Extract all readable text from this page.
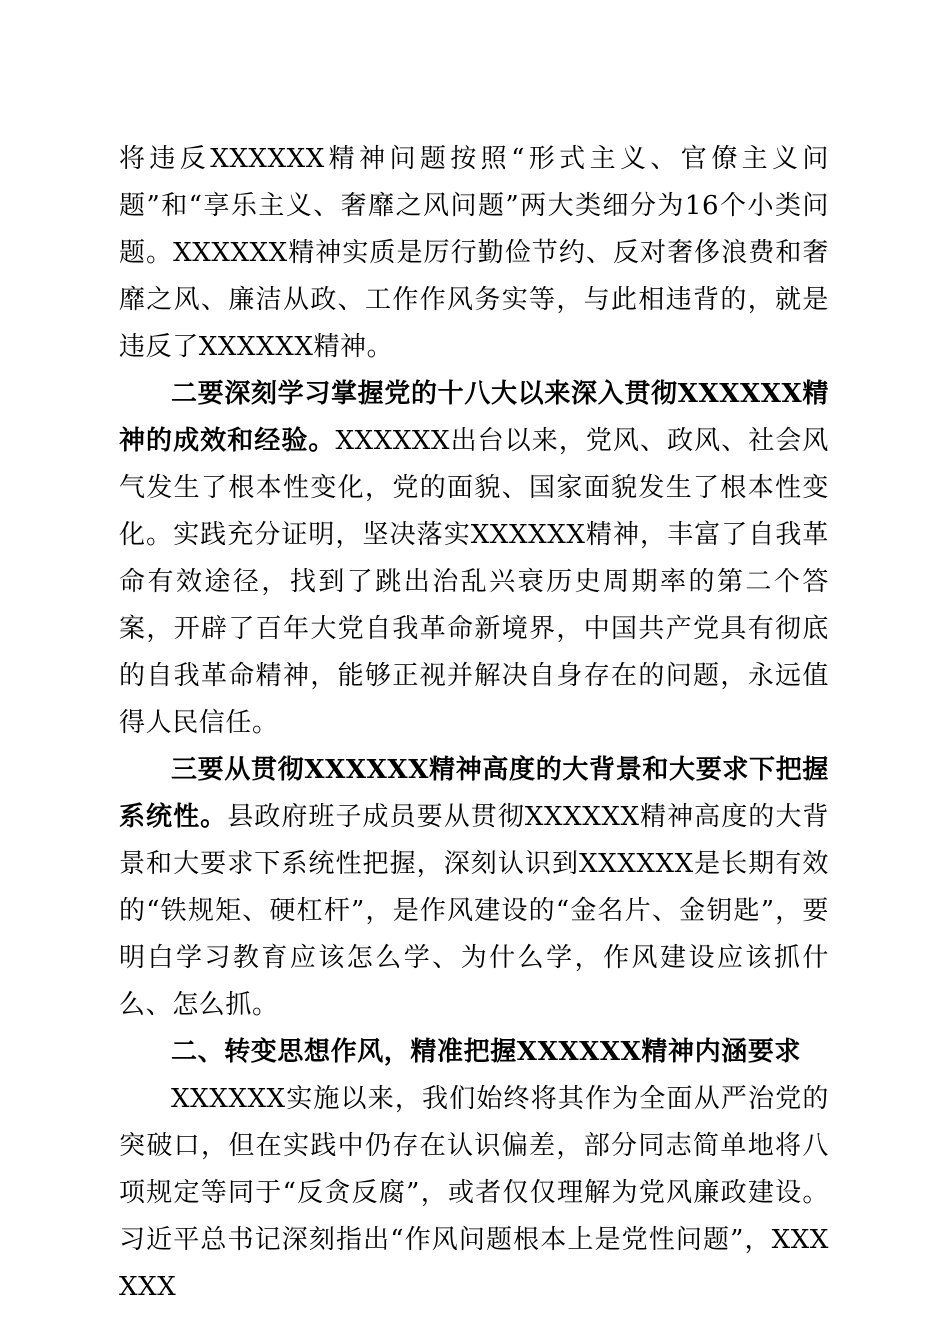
将违反XXXXXX精神问题按照“形式主义、官僚主义问题”和“享乐主义、奢靡之风问题”两大类细分为16个小类问题。XXXXXX精神实质是厉行勤俭节约、反对奢侈浪费和奢靡之风、廉洁从政、工作作风务实等，与此相违背的，就是违反了XXXXXX精神。

二要深刻学习掌握党的十八大以来深入贯彻XXXXXX精神的成效和经验。XXXXXX出台以来，党风、政风、社会风气发生了根本性变化，党的面貌、国家面貌发生了根本性变化。实践充分证明，坚决落实XXXXXX精神，丰富了自我革命有效途径，找到了跳出治乱兴衰历史周期率的第二个答案，开辟了百年大党自我革命新境界，中国共产党具有彻底的自我革命精神，能够正视并解决自身存在的问题，永远值得人民信任。

三要从贯彻XXXXXX精神高度的大背景和大要求下把握系统性。县政府班子成员要从贯彻XXXXXX精神高度的大背景和大要求下系统性把握，深刻认识到XXXXXX是长期有效的“铁规矩、硬杠杆”，是作风建设的“金名片、金钥匙”，要明白学习教育应该怎么学、为什么学，作风建设应该抓什么、怎么抓。

二、转变思想作风，精准把握XXXXXX精神内涵要求

XXXXXX实施以来，我们始终将其作为全面从严治党的突破口，但在实践中仍存在认识偏差，部分同志简单地将八项规定等同于“反贪反腐”，或者仅仅理解为党风廉政建设。习近平总书记深刻指出“作风问题根本上是党性问题”，XXXXXX
